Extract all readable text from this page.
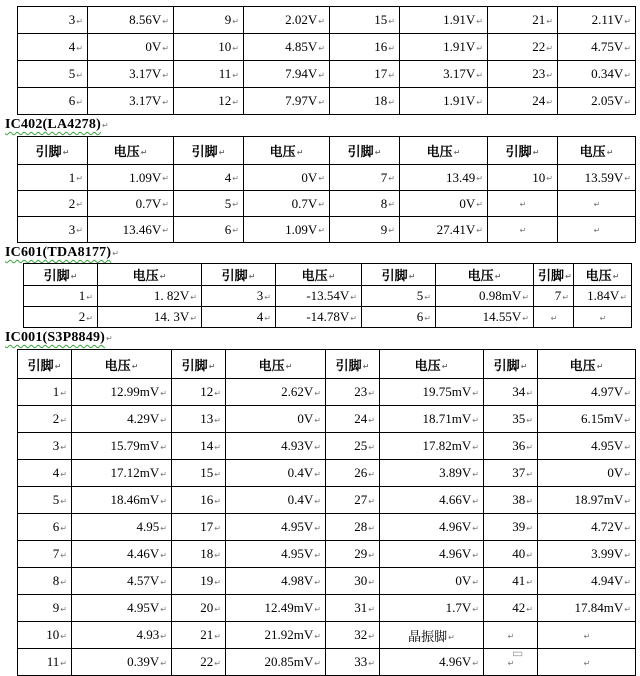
3 ↵	8.56V ↵	9 ↵	2.02V ↵	15 ↵	1.91V ↵	21 ↵	2.11V ↵
4 ↵	0V ↵	10 ↵	4.85V ↵	16 ↵	1.91V ↵	22 ↵	4.75V ↵
5 ↵	3.17V ↵	11 ↵	7.94V ↵	17 ↵	3.17V ↵	23 ↵	0.34V ↵
6 ↵	3.17V ↵	12 ↵	7.97V ↵	18 ↵	1.91V ↵	24 ↵	2.05V ↵
IC402(LA4278) ↵
引脚 ↵	电压 ↵	引脚 ↵	电压 ↵	引脚 ↵	电压 ↵	引脚 ↵	电压 ↵
1 ↵	1.09V ↵	4 ↵	0V ↵	7 ↵	13.49 ↵	10 ↵	13.59V ↵
2 ↵	0.7V ↵	5 ↵	0.7V ↵	8 ↵	0V ↵	↵	↵
3 ↵	13.46V ↵	6 ↵	1.09V ↵	9 ↵	27.41V ↵	↵	↵
IC601(TDA8177) ↵
引脚 ↵	电压 ↵	引脚 ↵	电压 ↵	引脚 ↵	电压 ↵	引脚 ↵	电压 ↵
1 ↵	1. 82V ↵	3 ↵	-13.54V ↵	5 ↵	0.98mV ↵	7 ↵	1.84V ↵
2 ↵	14. 3V ↵	4 ↵	-14.78V ↵	6 ↵	14.55V ↵	↵	↵
IC001(S3P8849) ↵
引脚 ↵	电压 ↵	引脚 ↵	电压 ↵	引脚 ↵	电压 ↵	引脚 ↵	电压 ↵
1 ↵	12.99mV ↵	12 ↵	2.62V ↵	23 ↵	19.75mV ↵	34 ↵	4.97V ↵
2 ↵	4.29V ↵	13 ↵	0V ↵	24 ↵	18.71mV ↵	35 ↵	6.15mV ↵
3 ↵	15.79mV ↵	14 ↵	4.93V ↵	25 ↵	17.82mV ↵	36 ↵	4.95V ↵
4 ↵	17.12mV ↵	15 ↵	0.4V ↵	26 ↵	3.89V ↵	37 ↵	0V ↵
5 ↵	18.46mV ↵	16 ↵	0.4V ↵	27 ↵	4.66V ↵	38 ↵	18.97mV ↵
6 ↵	4.95 ↵	17 ↵	4.95V ↵	28 ↵	4.96V ↵	39 ↵	4.72V ↵
7 ↵	4.46V ↵	18 ↵	4.95V ↵	29 ↵	4.96V ↵	40 ↵	3.99V ↵
8 ↵	4.57V ↵	19 ↵	4.98V ↵	30 ↵	0V ↵	41 ↵	4.94V ↵
9 ↵	4.95V ↵	20 ↵	12.49mV ↵	31 ↵	1.7V ↵	42 ↵	17.84mV ↵
10 ↵	4.93 ↵	21 ↵	21.92mV ↵	32 ↵	晶振脚 ↵	↵	↵
11 ↵	0.39V ↵	22 ↵	20.85mV ↵	33 ↵	4.96V ↵	↵	↵
▭
